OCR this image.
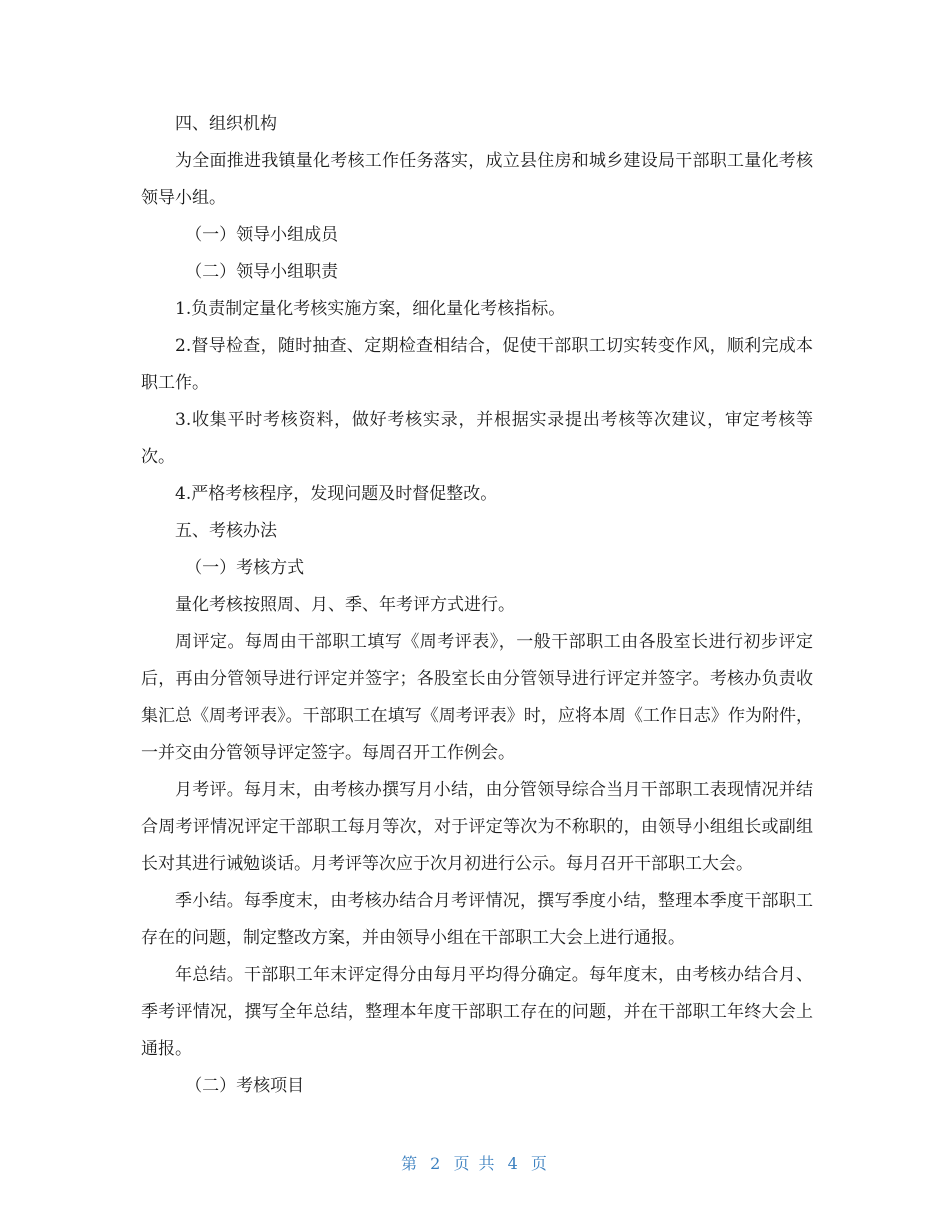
四、组织机构

为全面推进我镇量化考核工作任务落实，成立县住房和城乡建设局干部职工量化考核领导小组。

（一）领导小组成员

（二）领导小组职责

1.负责制定量化考核实施方案，细化量化考核指标。

2.督导检查，随时抽查、定期检查相结合，促使干部职工切实转变作风，顺利完成本职工作。

3.收集平时考核资料，做好考核实录，并根据实录提出考核等次建议，审定考核等次。

4.严格考核程序，发现问题及时督促整改。

五、考核办法

（一）考核方式

量化考核按照周、月、季、年考评方式进行。

周评定。每周由干部职工填写《周考评表》，一般干部职工由各股室长进行初步评定后，再由分管领导进行评定并签字；各股室长由分管领导进行评定并签字。考核办负责收集汇总《周考评表》。干部职工在填写《周考评表》时，应将本周《工作日志》作为附件，一并交由分管领导评定签字。每周召开工作例会。

月考评。每月末，由考核办撰写月小结，由分管领导综合当月干部职工表现情况并结合周考评情况评定干部职工每月等次，对于评定等次为不称职的，由领导小组组长或副组长对其进行诫勉谈话。月考评等次应于次月初进行公示。每月召开干部职工大会。

季小结。每季度末，由考核办结合月考评情况，撰写季度小结，整理本季度干部职工存在的问题，制定整改方案，并由领导小组在干部职工大会上进行通报。

年总结。干部职工年末评定得分由每月平均得分确定。每年度末，由考核办结合月、季考评情况，撰写全年总结，整理本年度干部职工存在的问题，并在干部职工年终大会上通报。

（二）考核项目

第 2 页 共 4 页
